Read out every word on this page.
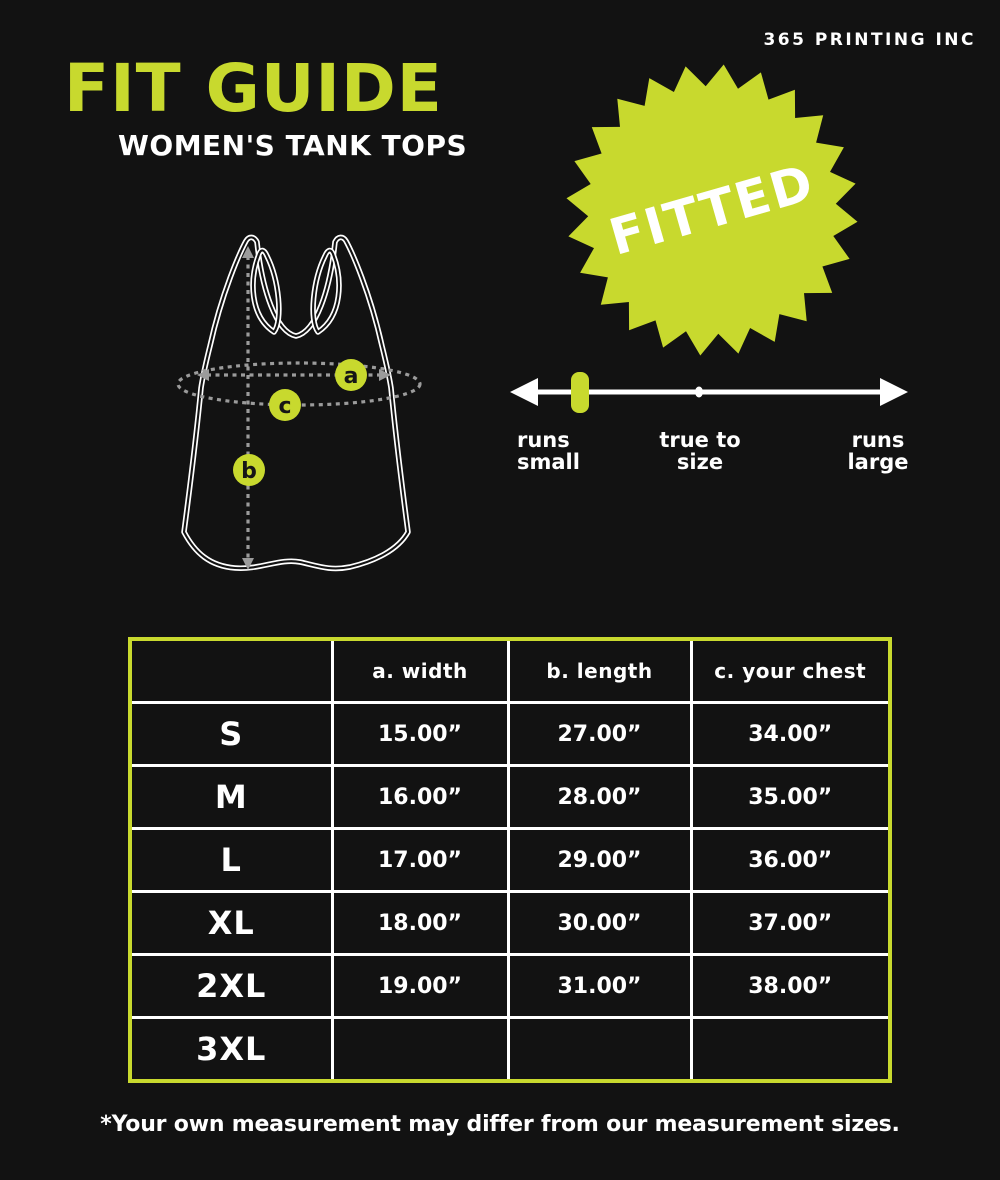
365 PRINTING INC
FIT GUIDE
WOMEN'S TANK TOPS
a
c
b
FITTED
runs
small
true to
size
runs
large
	a. width	b. length	c. your chest
S	15.00”	27.00”	34.00”
M	16.00”	28.00”	35.00”
L	17.00”	29.00”	36.00”
XL	18.00”	30.00”	37.00”
2XL	19.00”	31.00”	38.00”
3XL			
*Your own measurement may differ from our measurement sizes.
